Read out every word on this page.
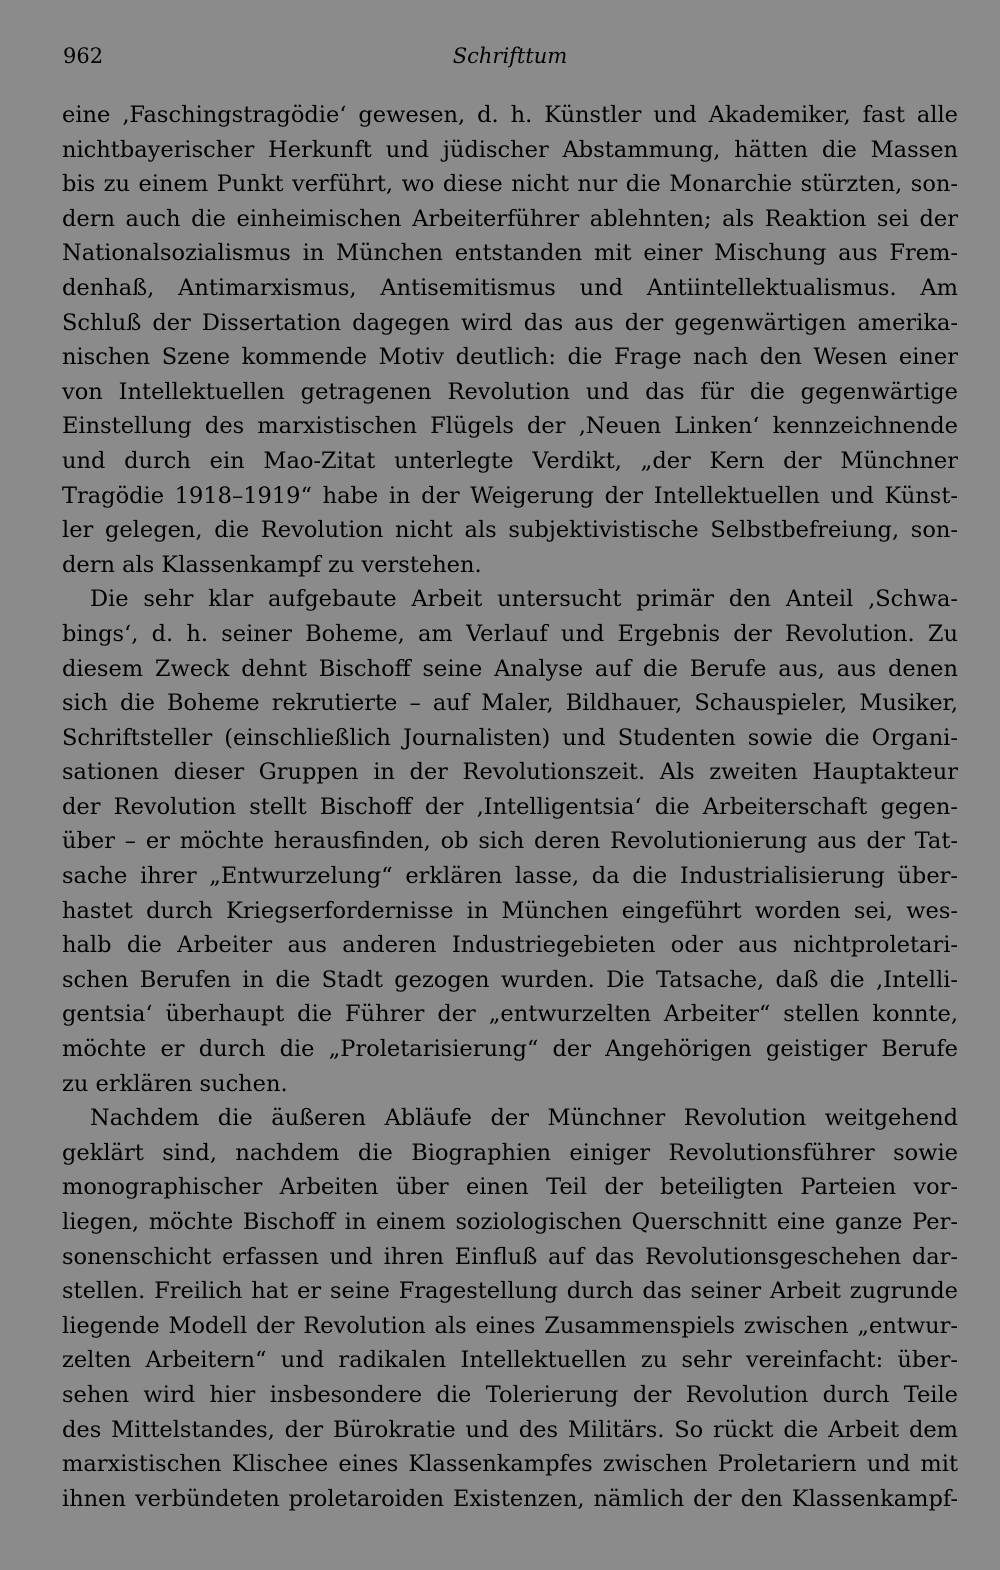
962	Schrifttum
eine ‚Faschingstragödie‘ gewesen, d. h. Künstler und Akademiker, fast alle
nichtbayerischer Herkunft und jüdischer Abstammung, hätten die Massen
bis zu einem Punkt verführt, wo diese nicht nur die Monarchie stürzten, son-
dern auch die einheimischen Arbeiterführer ablehnten; als Reaktion sei der
Nationalsozialismus in München entstanden mit einer Mischung aus Frem-
denhaß, Antimarxismus, Antisemitismus und Antiintellektualismus. Am
Schluß der Dissertation dagegen wird das aus der gegenwärtigen amerika-
nischen Szene kommende Motiv deutlich: die Frage nach den Wesen einer
von Intellektuellen getragenen Revolution und das für die gegenwärtige
Einstellung des marxistischen Flügels der ‚Neuen Linken‘ kennzeichnende
und durch ein Mao-Zitat unterlegte Verdikt, „der Kern der Münchner
Tragödie 1918–1919“ habe in der Weigerung der Intellektuellen und Künst-
ler gelegen, die Revolution nicht als subjektivistische Selbstbefreiung, son-
dern als Klassenkampf zu verstehen.
Die sehr klar aufgebaute Arbeit untersucht primär den Anteil ‚Schwa-
bings‘, d. h. seiner Boheme, am Verlauf und Ergebnis der Revolution. Zu
diesem Zweck dehnt Bischoff seine Analyse auf die Berufe aus, aus denen
sich die Boheme rekrutierte – auf Maler, Bildhauer, Schauspieler, Musiker,
Schriftsteller (einschließlich Journalisten) und Studenten sowie die Organi-
sationen dieser Gruppen in der Revolutionszeit. Als zweiten Hauptakteur
der Revolution stellt Bischoff der ‚Intelligentsia‘ die Arbeiterschaft gegen-
über – er möchte herausfinden, ob sich deren Revolutionierung aus der Tat-
sache ihrer „Entwurzelung“ erklären lasse, da die Industrialisierung über-
hastet durch Kriegserfordernisse in München eingeführt worden sei, wes-
halb die Arbeiter aus anderen Industriegebieten oder aus nichtproletari-
schen Berufen in die Stadt gezogen wurden. Die Tatsache, daß die ‚Intelli-
gentsia‘ überhaupt die Führer der „entwurzelten Arbeiter“ stellen konnte,
möchte er durch die „Proletarisierung“ der Angehörigen geistiger Berufe
zu erklären suchen.
Nachdem die äußeren Abläufe der Münchner Revolution weitgehend
geklärt sind, nachdem die Biographien einiger Revolutionsführer sowie
monographischer Arbeiten über einen Teil der beteiligten Parteien vor-
liegen, möchte Bischoff in einem soziologischen Querschnitt eine ganze Per-
sonenschicht erfassen und ihren Einfluß auf das Revolutionsgeschehen dar-
stellen. Freilich hat er seine Fragestellung durch das seiner Arbeit zugrunde
liegende Modell der Revolution als eines Zusammenspiels zwischen „entwur-
zelten Arbeitern“ und radikalen Intellektuellen zu sehr vereinfacht: über-
sehen wird hier insbesondere die Tolerierung der Revolution durch Teile
des Mittelstandes, der Bürokratie und des Militärs. So rückt die Arbeit dem
marxistischen Klischee eines Klassenkampfes zwischen Proletariern und mit
ihnen verbündeten proletaroiden Existenzen, nämlich der den Klassenkampf-
